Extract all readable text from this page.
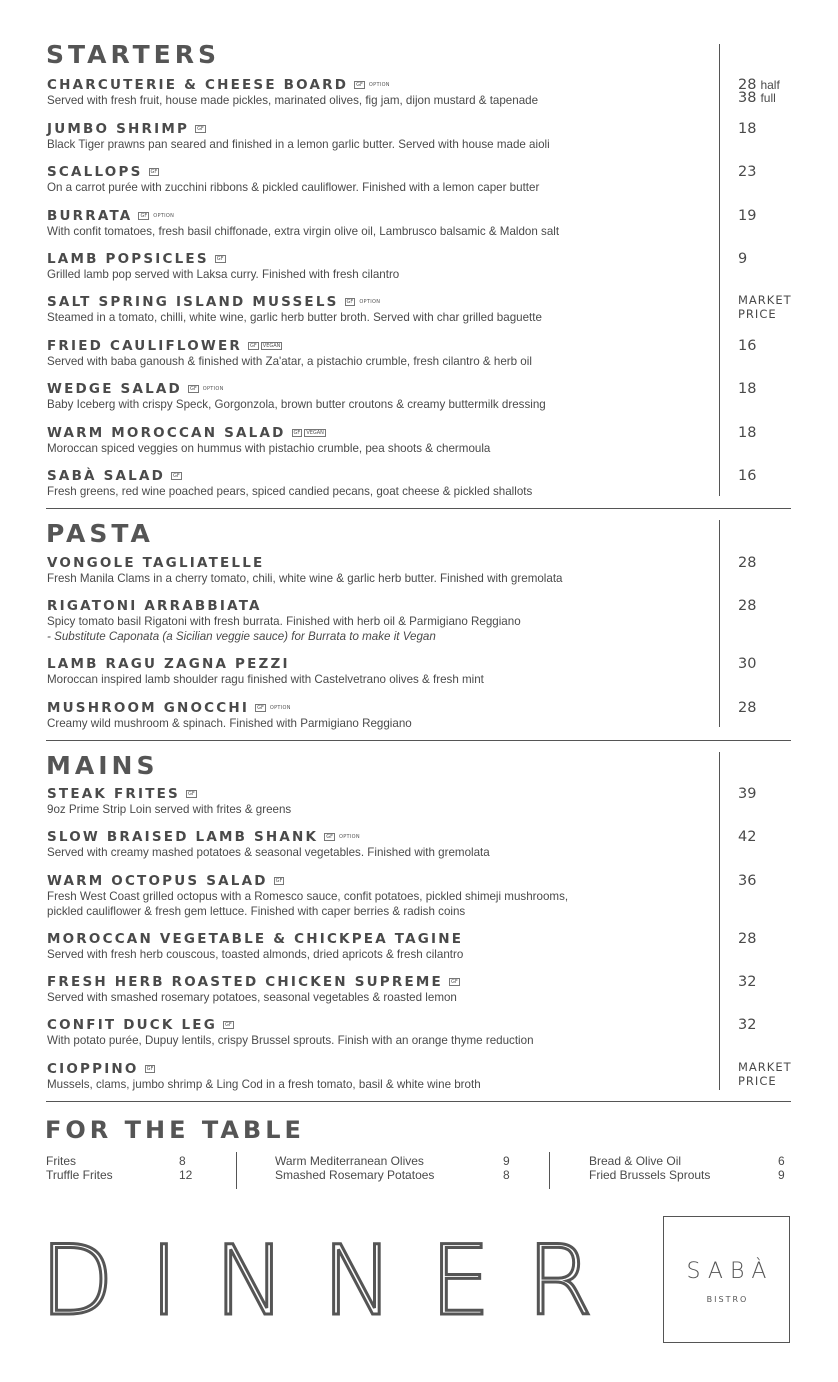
STARTERS
CHARCUTERIE & CHEESE BOARD	GF	OPTION
Served with fresh fruit, house made pickles, marinated olives, fig jam, dijon mustard & tapenade
28 half
38 full
JUMBO SHRIMP	GF
Black Tiger prawns pan seared and finished in a lemon garlic butter. Served with house made aioli
18
SCALLOPS	GF
On a carrot purée with zucchini ribbons & pickled cauliflower. Finished with a lemon caper butter
23
BURRATA	GF	OPTION
With confit tomatoes, fresh basil chiffonade, extra virgin olive oil, Lambrusco balsamic & Maldon salt
19
LAMB POPSICLES	GF
Grilled lamb pop served with Laksa curry. Finished with fresh cilantro
9
SALT SPRING ISLAND MUSSELS	GF	OPTION
Steamed in a tomato, chilli, white wine, garlic herb butter broth. Served with char grilled baguette
MARKET
PRICE
FRIED CAULIFLOWER	GF	VEGAN
Served with baba ganoush & finished with Za'atar, a pistachio crumble, fresh cilantro & herb oil
16
WEDGE SALAD	GF	OPTION
Baby Iceberg with crispy Speck, Gorgonzola, brown butter croutons & creamy buttermilk dressing
18
WARM MOROCCAN SALAD	GF	VEGAN
Moroccan spiced veggies on hummus with pistachio crumble, pea shoots & chermoula
18
SABÀ SALAD	GF
Fresh greens, red wine poached pears, spiced candied pecans, goat cheese & pickled shallots
16
PASTA
VONGOLE TAGLIATELLE
Fresh Manila Clams in a cherry tomato, chili, white wine & garlic herb butter. Finished with gremolata
28
RIGATONI ARRABBIATA
Spicy tomato basil Rigatoni with fresh burrata. Finished with herb oil & Parmigiano Reggiano
- Substitute Caponata (a Sicilian veggie sauce) for Burrata to make it Vegan
28
LAMB RAGU ZAGNA PEZZI
Moroccan inspired lamb shoulder ragu finished with Castelvetrano olives & fresh mint
30
MUSHROOM GNOCCHI	GF	OPTION
Creamy wild mushroom & spinach. Finished with Parmigiano Reggiano
28
MAINS
STEAK FRITES	GF
9oz Prime Strip Loin served with frites & greens
39
SLOW BRAISED LAMB SHANK	GF	OPTION
Served with creamy mashed potatoes & seasonal vegetables. Finished with gremolata
42
WARM OCTOPUS SALAD	GF
Fresh West Coast grilled octopus with a Romesco sauce, confit potatoes, pickled shimeji mushrooms,
pickled cauliflower & fresh gem lettuce. Finished with caper berries & radish coins
36
MOROCCAN VEGETABLE & CHICKPEA TAGINE
Served with fresh herb couscous, toasted almonds, dried apricots & fresh cilantro
28
FRESH HERB ROASTED CHICKEN SUPREME	GF
Served with smashed rosemary potatoes, seasonal vegetables & roasted lemon
32
CONFIT DUCK LEG	GF
With potato purée, Dupuy lentils, crispy Brussel sprouts. Finish with an orange thyme reduction
32
CIOPPINO	GF
Mussels, clams, jumbo shrimp & Ling Cod in a fresh tomato, basil & white wine broth
MARKET
PRICE
FOR THE TABLE
Frites	8
Truffle Frites	12
Warm Mediterranean Olives	9
Smashed Rosemary Potatoes	8
Bread & Olive Oil	6
Fried Brussels Sprouts	9
DINNER	SABÀ
BISTRO
